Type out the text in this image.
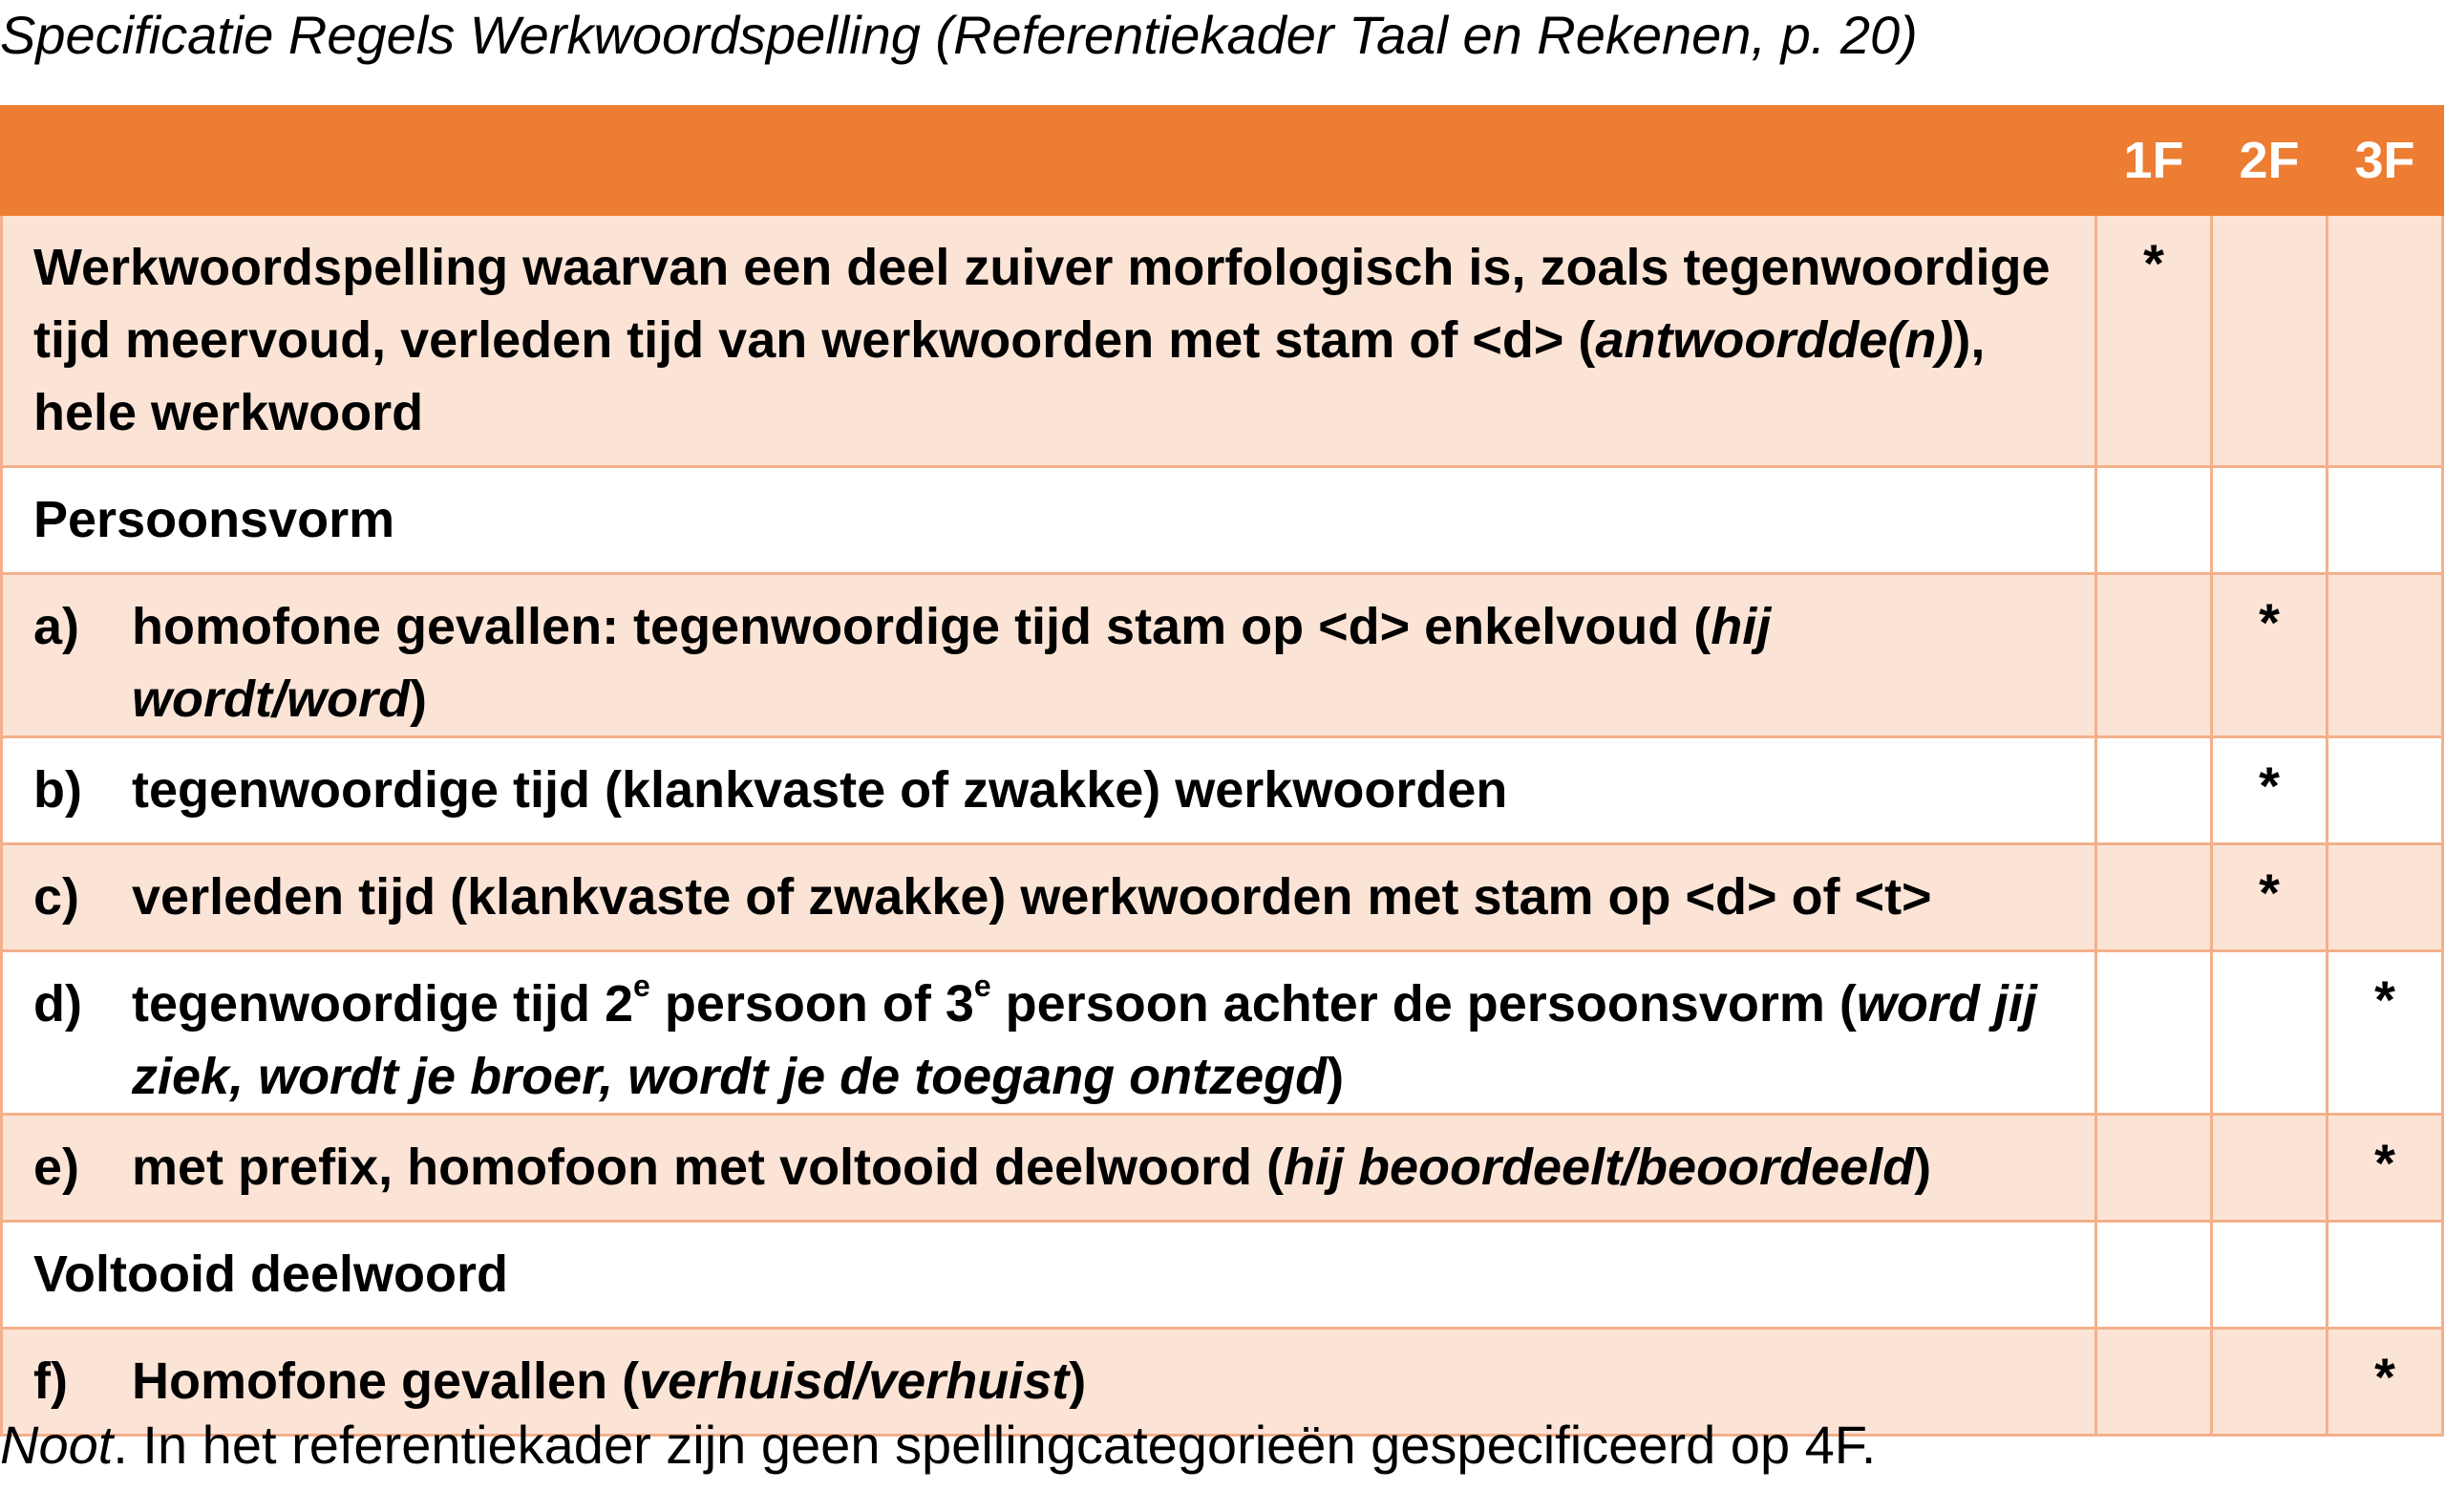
Specificatie Regels Werkwoordspelling (Referentiekader Taal en Rekenen, p. 20)
	1F	2F	3F

Werkwoordspelling waarvan een deel zuiver morfologisch is, zoals tegenwoordige tijd meervoud, verleden tijd van werkwoorden met stam of <d> (antwoordde(n)), hele werkwoord	*		

Persoonsvorm			

a) homofone gevallen: tegenwoordige tijd stam op <d> enkelvoud (hij wordt/word)		*	

b) tegenwoordige tijd (klankvaste of zwakke) werkwoorden		*	

c) verleden tijd (klankvaste of zwakke) werkwoorden met stam op <d> of <t>		*	

d) tegenwoordige tijd 2e persoon of 3e persoon achter de persoonsvorm (word jij ziek, wordt je broer, wordt je de toegang ontzegd)			*

e) met prefix, homofoon met voltooid deelwoord (hij beoordeelt/beoordeeld)			*

Voltooid deelwoord			

f) Homofone gevallen (verhuisd/verhuist)			*
Noot. In het referentiekader zijn geen spellingcategorieën gespecificeerd op 4F.
